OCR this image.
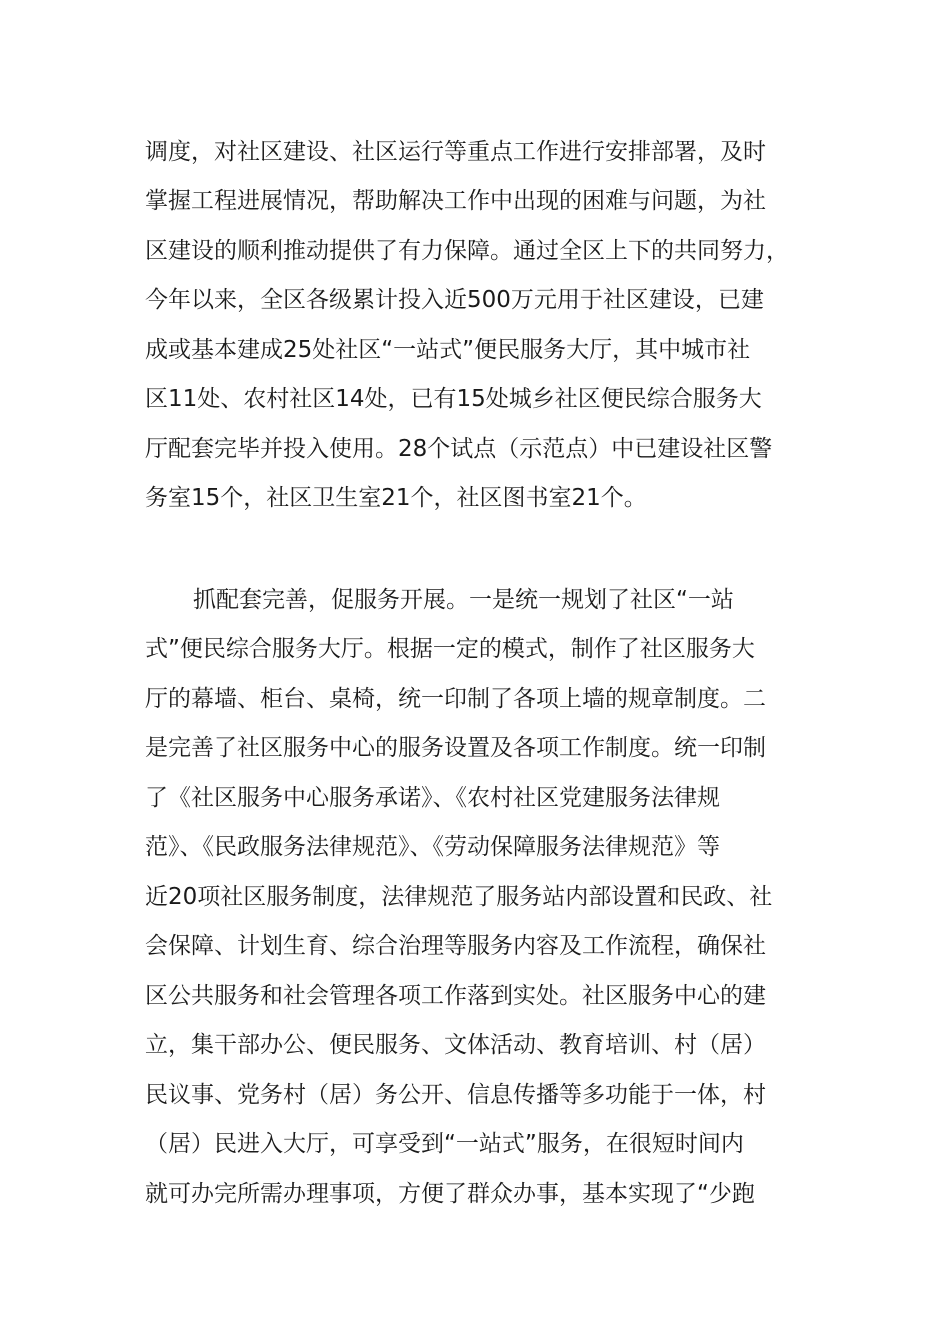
调度，对社区建设、社区运行等重点工作进行安排部署，及时
掌握工程进展情况，帮助解决工作中出现的困难与问题，为社
区建设的顺利推动提供了有力保障。通过全区上下的共同努力，
今年以来，全区各级累计投入近500万元用于社区建设，已建
成或基本建成25处社区“一站式”便民服务大厅，其中城市社
区11处、农村社区14处，已有15处城乡社区便民综合服务大
厅配套完毕并投入使用。28个试点（示范点）中已建设社区警
务室15个，社区卫生室21个，社区图书室21个。
抓配套完善，促服务开展。一是统一规划了社区“一站
式”便民综合服务大厅。根据一定的模式，制作了社区服务大
厅的幕墙、柜台、桌椅，统一印制了各项上墙的规章制度。二
是完善了社区服务中心的服务设置及各项工作制度。统一印制
了《社区服务中心服务承诺》、《农村社区党建服务法律规
范》、《民政服务法律规范》、《劳动保障服务法律规范》等
近20项社区服务制度，法律规范了服务站内部设置和民政、社
会保障、计划生育、综合治理等服务内容及工作流程，确保社
区公共服务和社会管理各项工作落到实处。社区服务中心的建
立，集干部办公、便民服务、文体活动、教育培训、村（居）
民议事、党务村（居）务公开、信息传播等多功能于一体，村
（居）民进入大厅，可享受到“一站式”服务，在很短时间内
就可办完所需办理事项，方便了群众办事，基本实现了“少跑
